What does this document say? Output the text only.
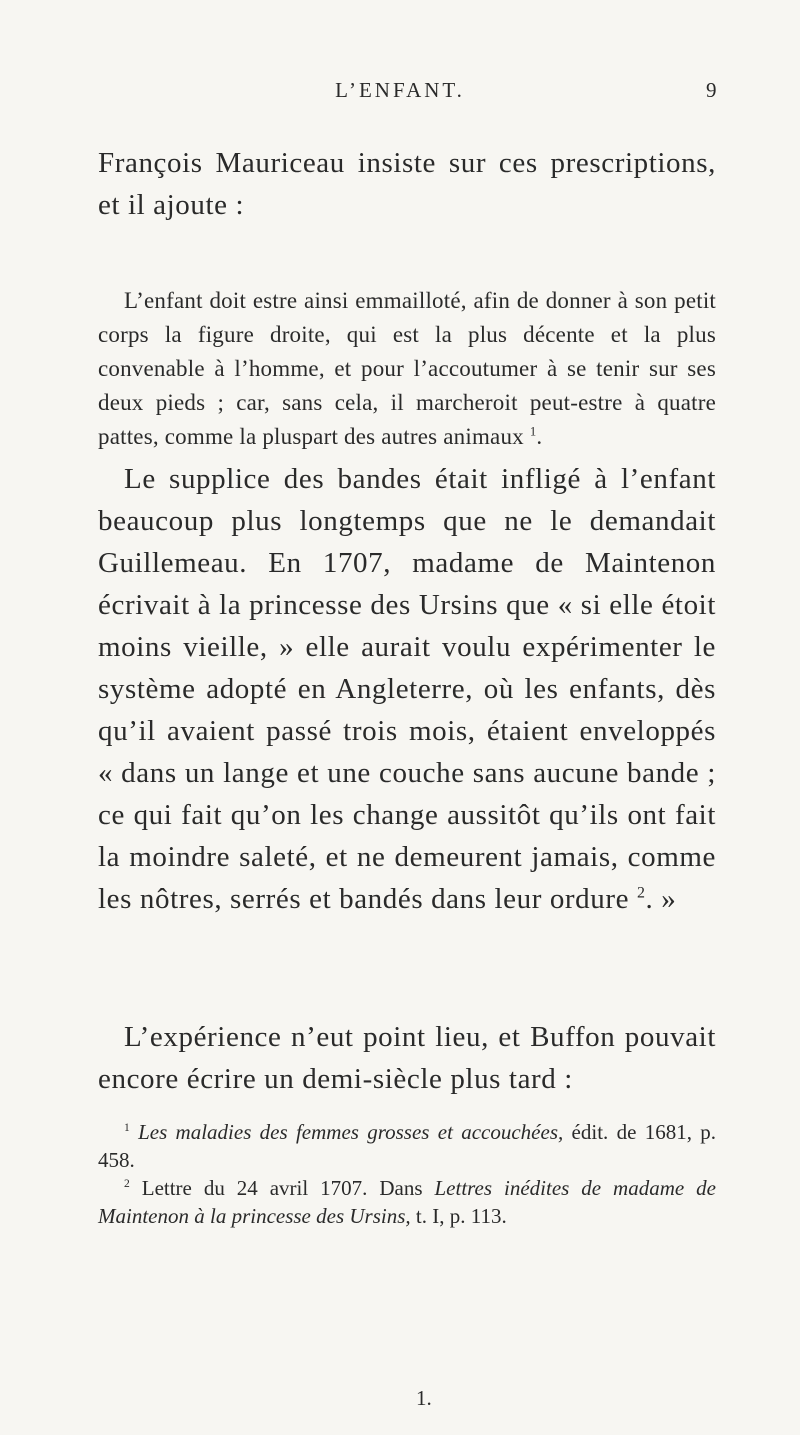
L’ENFANT.	9

François Mauriceau insiste sur ces prescriptions, et il ajoute :

L’enfant doit estre ainsi emmailloté, afin de donner à son petit corps la figure droite, qui est la plus décente et la plus convenable à l’homme, et pour l’accoutumer à se tenir sur ses deux pieds ; car, sans cela, il marcheroit peut-estre à quatre pattes, comme la pluspart des autres animaux $^1$.

Le supplice des bandes était infligé à l’enfant beaucoup plus longtemps que ne le demandait Guillemeau. En 1707, madame de Maintenon écrivait à la princesse des Ursins que « si elle étoit moins vieille, » elle aurait voulu expérimenter le système adopté en Angleterre, où les enfants, dès qu’il avaient passé trois mois, étaient enveloppés « dans un lange et une couche sans aucune bande ; ce qui fait qu’on les change aussitôt qu’ils ont fait la moindre saleté, et ne demeurent jamais, comme les nôtres, serrés et bandés dans leur ordure $^2$. »

L’expérience n’eut point lieu, et Buffon pouvait encore écrire un demi-siècle plus tard :

$^1$ Les maladies des femmes grosses et accouchées, édit. de 1681, p. 458.

$^2$ Lettre du 24 avril 1707. Dans Lettres inédites de madame de Maintenon à la princesse des Ursins, t. I, p. 113.

1.
